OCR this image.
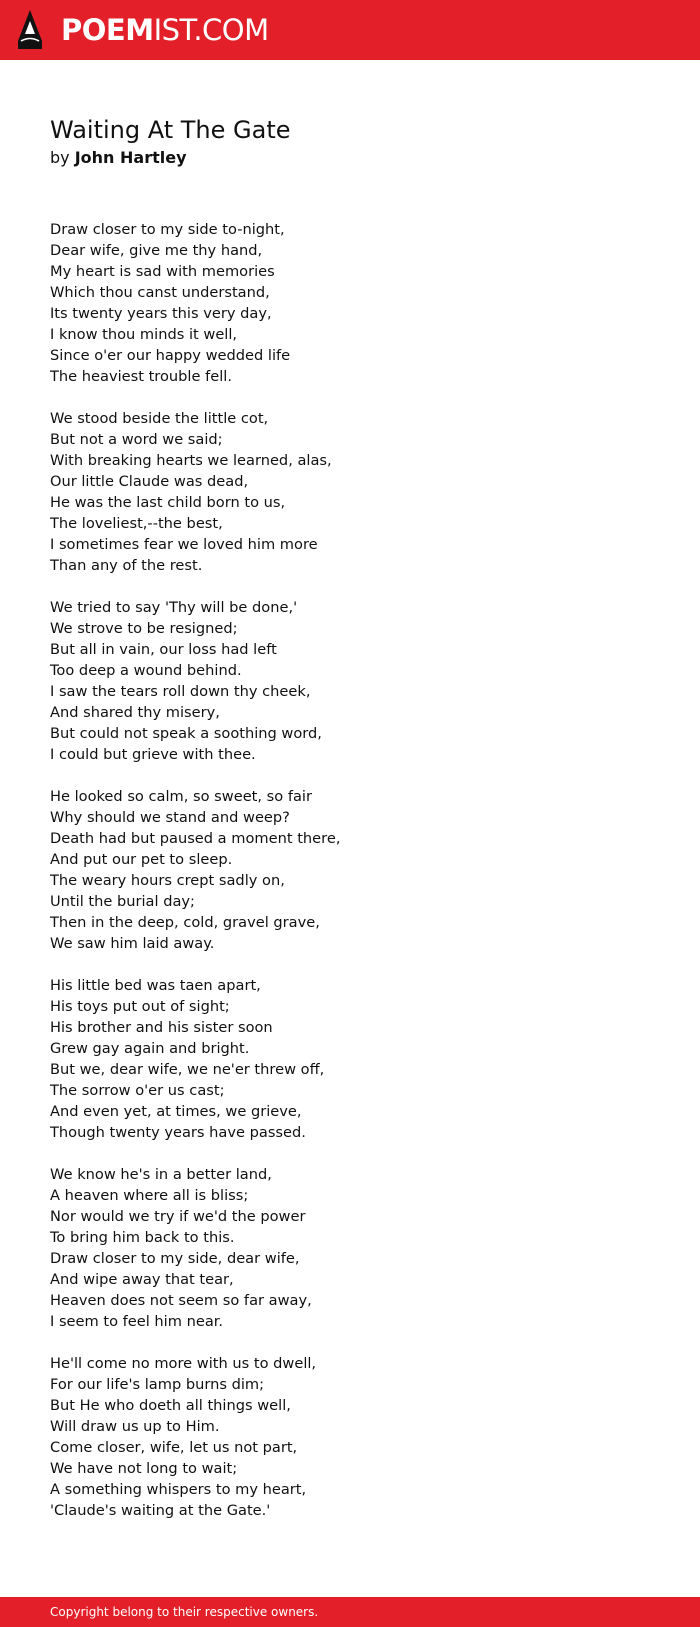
POEMIST.COM
Waiting At The Gate
by John Hartley
Draw closer to my side to-night,
Dear wife, give me thy hand,
My heart is sad with memories
Which thou canst understand,
Its twenty years this very day,
I know thou minds it well,
Since o'er our happy wedded life
The heaviest trouble fell.
We stood beside the little cot,
But not a word we said;
With breaking hearts we learned, alas,
Our little Claude was dead,
He was the last child born to us,
The loveliest,--the best,
I sometimes fear we loved him more
Than any of the rest.
We tried to say 'Thy will be done,'
We strove to be resigned;
But all in vain, our loss had left
Too deep a wound behind.
I saw the tears roll down thy cheek,
And shared thy misery,
But could not speak a soothing word,
I could but grieve with thee.
He looked so calm, so sweet, so fair
Why should we stand and weep?
Death had but paused a moment there,
And put our pet to sleep.
The weary hours crept sadly on,
Until the burial day;
Then in the deep, cold, gravel grave,
We saw him laid away.
His little bed was taen apart,
His toys put out of sight;
His brother and his sister soon
Grew gay again and bright.
But we, dear wife, we ne'er threw off,
The sorrow o'er us cast;
And even yet, at times, we grieve,
Though twenty years have passed.
We know he's in a better land,
A heaven where all is bliss;
Nor would we try if we'd the power
To bring him back to this.
Draw closer to my side, dear wife,
And wipe away that tear,
Heaven does not seem so far away,
I seem to feel him near.
He'll come no more with us to dwell,
For our life's lamp burns dim;
But He who doeth all things well,
Will draw us up to Him.
Come closer, wife, let us not part,
We have not long to wait;
A something whispers to my heart,
'Claude's waiting at the Gate.'
Copyright belong to their respective owners.
